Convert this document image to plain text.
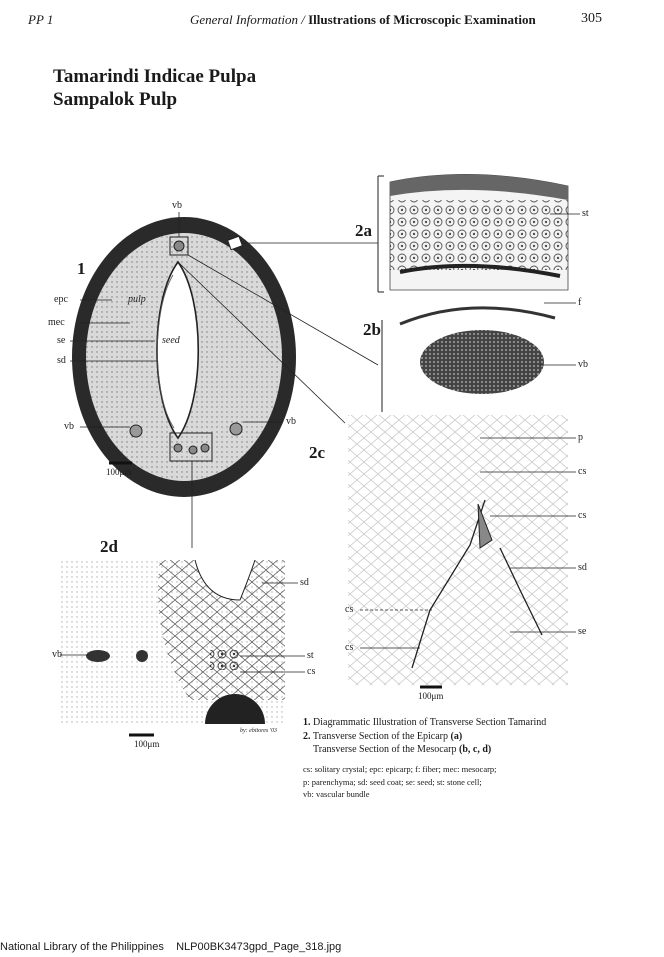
PP 1	General Information / Illustrations of Microscopic Examination	305
Tamarindi Indicae Pulpa
Sampalok Pulp
1
2a
2b
2c
2d
vb
epc
mec
se
sd
pulp
seed
vb	vb
100μm
st
f
vb
p
cs
cs
sd
se
cs
cs
100μm
sd
vb	st
cs
100μm
by: ebitores '03
1. Diagrammatic Illustration of Transverse Section Tamarind
2. Transverse Section of the Epicarp (a)
Transverse Section of the Mesocarp (b, c, d)
cs: solitary crystal; epc: epicarp; f: fiber; mec: mesocarp;
p: parenchyma; sd: seed coat; se: seed; st: stone cell;
vb: vascular bundle
National Library of the Philippines NLP00BK3473gpd_Page_318.jpg
